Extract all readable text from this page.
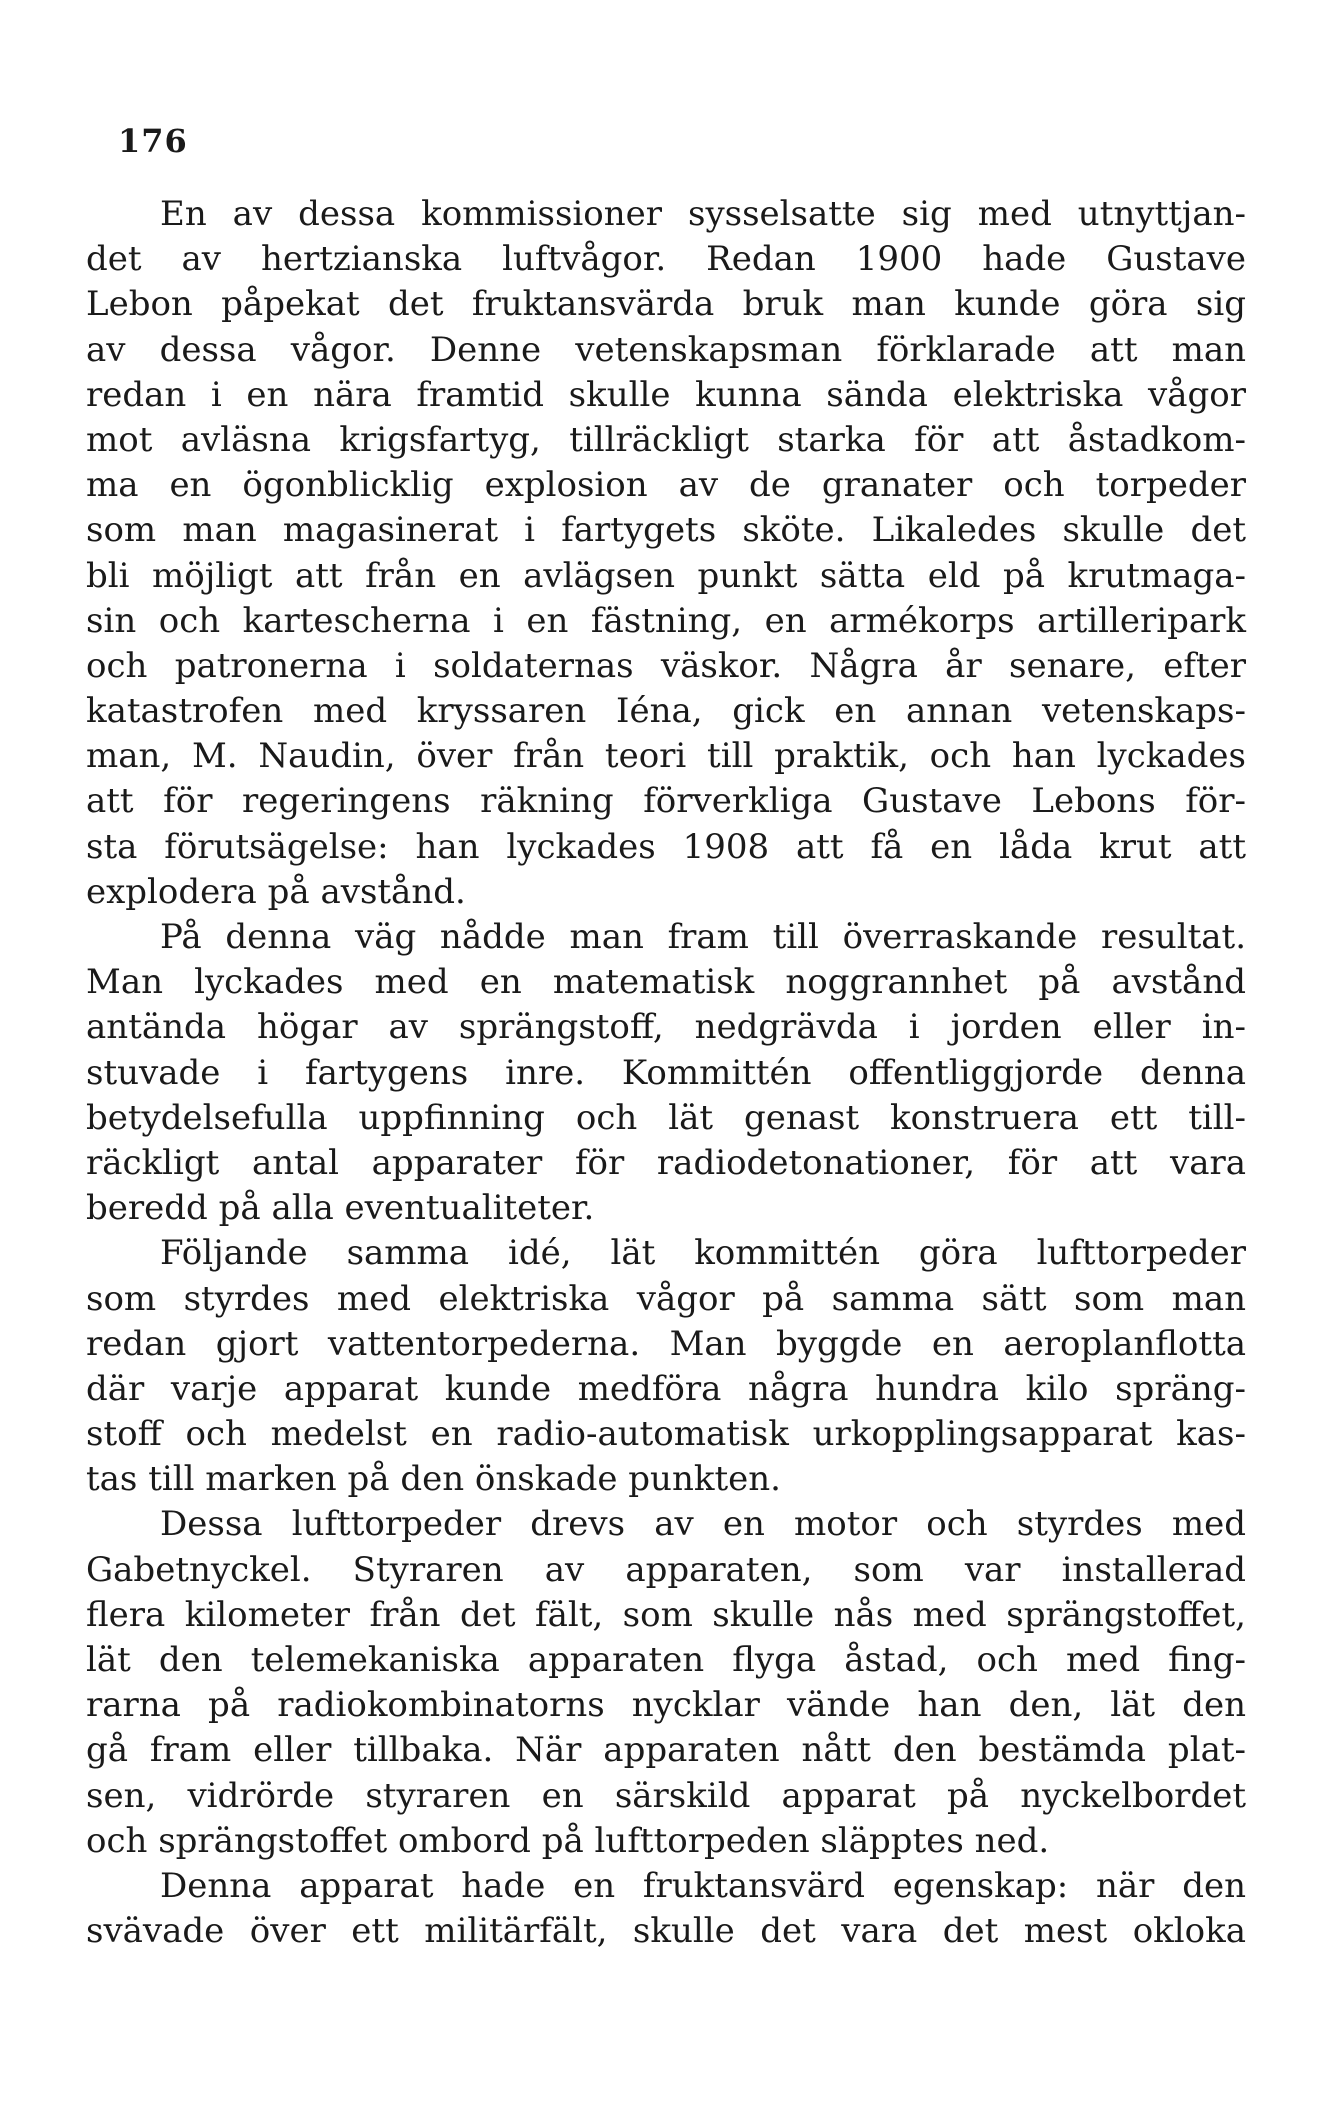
176
En av dessa kommissioner sysselsatte sig med utnyttjan-
det av hertzianska luftvågor. Redan 1900 hade Gustave
Lebon påpekat det fruktansvärda bruk man kunde göra sig
av dessa vågor. Denne vetenskapsman förklarade att man
redan i en nära framtid skulle kunna sända elektriska vågor
mot avläsna krigsfartyg, tillräckligt starka för att åstadkom-
ma en ögonblicklig explosion av de granater och torpeder
som man magasinerat i fartygets sköte. Likaledes skulle det
bli möjligt att från en avlägsen punkt sätta eld på krutmaga-
sin och kartescherna i en fästning, en armékorps artilleripark
och patronerna i soldaternas väskor. Några år senare, efter
katastrofen med kryssaren Iéna, gick en annan vetenskaps-
man, M. Naudin, över från teori till praktik, och han lyckades
att för regeringens räkning förverkliga Gustave Lebons för-
sta förutsägelse: han lyckades 1908 att få en låda krut att
explodera på avstånd.
På denna väg nådde man fram till överraskande resultat.
Man lyckades med en matematisk noggrannhet på avstånd
antända högar av sprängstoff, nedgrävda i jorden eller in-
stuvade i fartygens inre. Kommittén offentliggjorde denna
betydelsefulla uppfinning och lät genast konstruera ett till-
räckligt antal apparater för radiodetonationer, för att vara
beredd på alla eventualiteter.
Följande samma idé, lät kommittén göra lufttorpeder
som styrdes med elektriska vågor på samma sätt som man
redan gjort vattentorpederna. Man byggde en aeroplanflotta
där varje apparat kunde medföra några hundra kilo spräng-
stoff och medelst en radio-automatisk urkopplingsapparat kas-
tas till marken på den önskade punkten.
Dessa lufttorpeder drevs av en motor och styrdes med
Gabetnyckel. Styraren av apparaten, som var installerad
flera kilometer från det fält, som skulle nås med sprängstoffet,
lät den telemekaniska apparaten flyga åstad, och med fing-
rarna på radiokombinatorns nycklar vände han den, lät den
gå fram eller tillbaka. När apparaten nått den bestämda plat-
sen, vidrörde styraren en särskild apparat på nyckelbordet
och sprängstoffet ombord på lufttorpeden släpptes ned.
Denna apparat hade en fruktansvärd egenskap: när den
svävade över ett militärfält, skulle det vara det mest okloka
